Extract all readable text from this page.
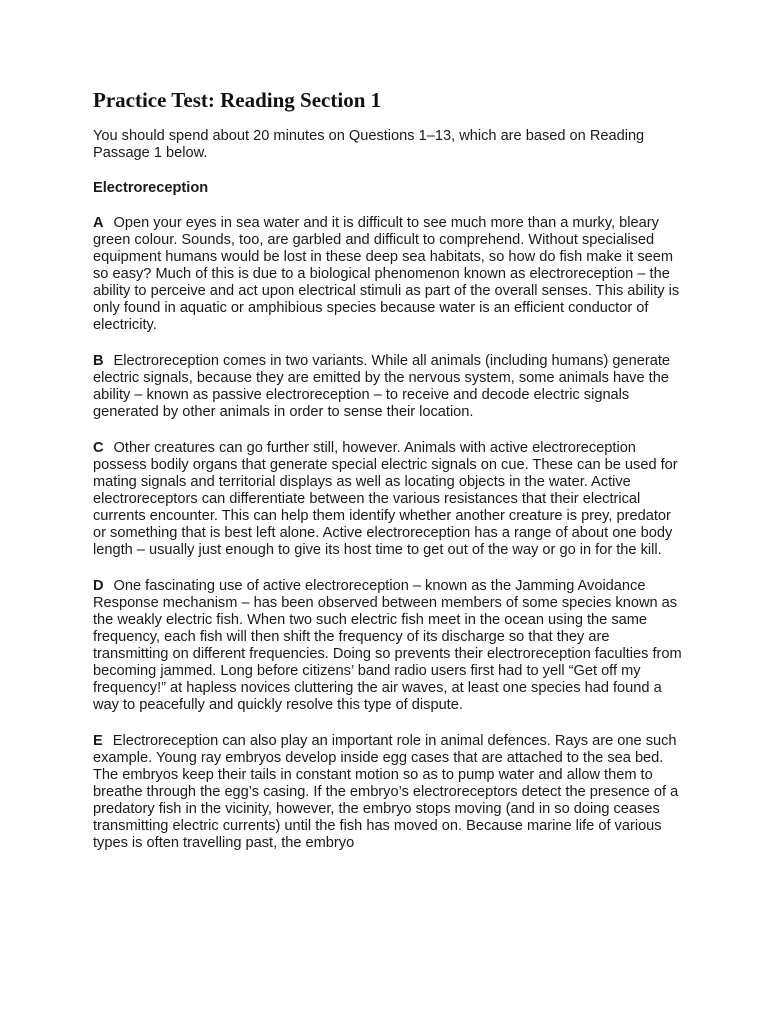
Practice Test: Reading Section 1

You should spend about 20 minutes on Questions 1–13, which are based on Reading Passage 1 below.

Electroreception

A Open your eyes in sea water and it is difficult to see much more than a murky, bleary green colour. Sounds, too, are garbled and difficult to comprehend. Without specialised equipment humans would be lost in these deep sea habitats, so how do fish make it seem so easy? Much of this is due to a biological phenomenon known as electroreception – the ability to perceive and act upon electrical stimuli as part of the overall senses. This ability is only found in aquatic or amphibious species because water is an efficient conductor of electricity.

B Electroreception comes in two variants. While all animals (including humans) generate electric signals, because they are emitted by the nervous system, some animals have the ability – known as passive electroreception – to receive and decode electric signals generated by other animals in order to sense their location.

C Other creatures can go further still, however. Animals with active electroreception possess bodily organs that generate special electric signals on cue. These can be used for mating signals and territorial displays as well as locating objects in the water. Active electroreceptors can differentiate between the various resistances that their electrical currents encounter. This can help them identify whether another creature is prey, predator or something that is best left alone. Active electroreception has a range of about one body length – usually just enough to give its host time to get out of the way or go in for the kill.

D One fascinating use of active electroreception – known as the Jamming Avoidance Response mechanism – has been observed between members of some species known as the weakly electric fish. When two such electric fish meet in the ocean using the same frequency, each fish will then shift the frequency of its discharge so that they are transmitting on different frequencies. Doing so prevents their electroreception faculties from becoming jammed. Long before citizens’ band radio users first had to yell “Get off my frequency!” at hapless novices cluttering the air waves, at least one species had found a way to peacefully and quickly resolve this type of dispute.

E Electroreception can also play an important role in animal defences. Rays are one such example. Young ray embryos develop inside egg cases that are attached to the sea bed. The embryos keep their tails in constant motion so as to pump water and allow them to breathe through the egg’s casing. If the embryo’s electroreceptors detect the presence of a predatory fish in the vicinity, however, the embryo stops moving (and in so doing ceases transmitting electric currents) until the fish has moved on. Because marine life of various types is often travelling past, the embryo
